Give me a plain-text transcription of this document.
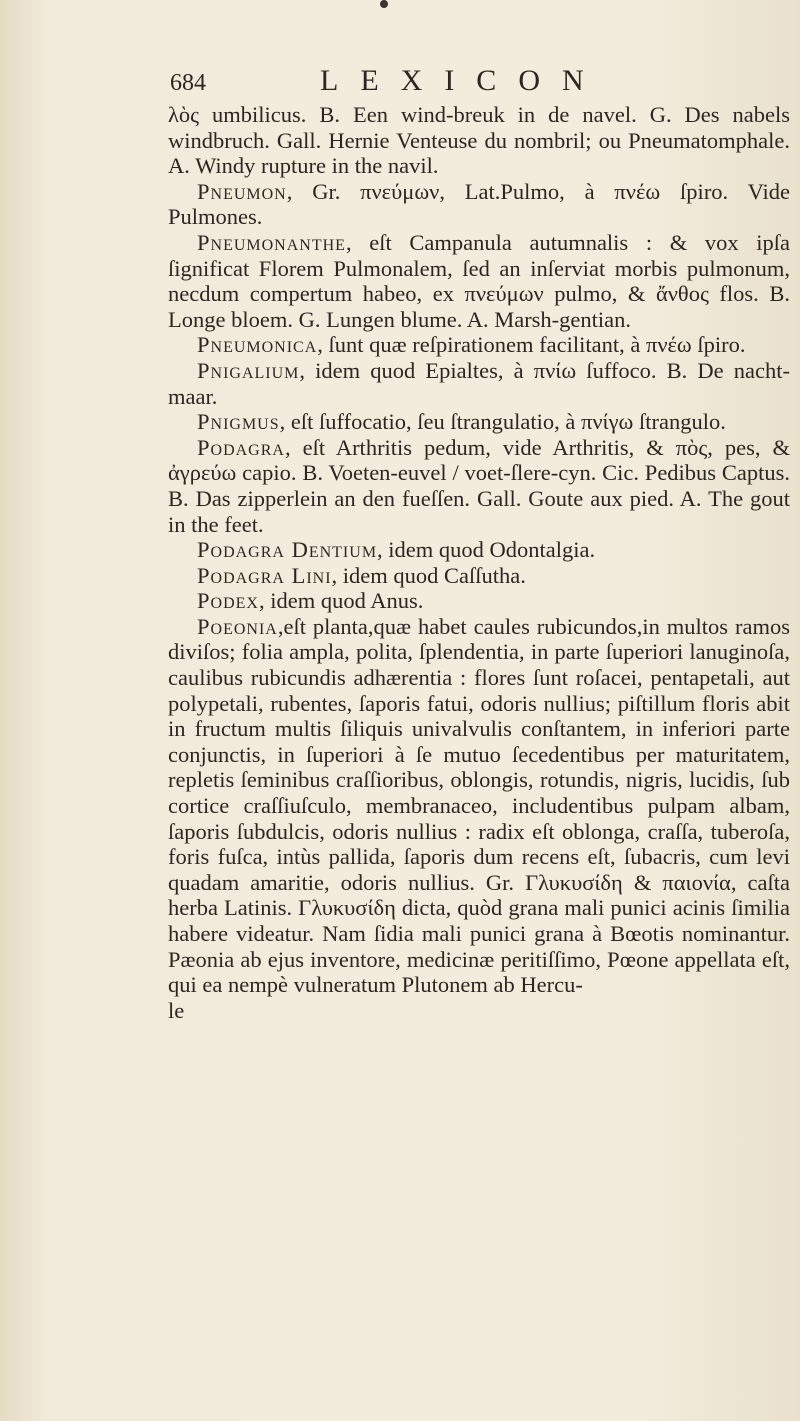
684	LEXICON

λὸς umbilicus. B. Een wind-breuk in de navel. G. Des nabels windbruch. Gall. Hernie Venteuse du nombril; ou Pneumatomphale. A. Windy rupture in the navil.

Pneumon, Gr. πνεύμων, Lat.Pulmo, à πνέω ſpiro. Vide Pulmones.

Pneumonanthe, eſt Campanula autumnalis : & vox ipſa ſignificat Florem Pulmonalem, ſed an inſerviat morbis pulmonum, necdum compertum habeo, ex πνεύμων pulmo, & ἄνθος flos. B. Longe bloem. G. Lungen blume. A. Marsh-gentian.

Pneumonica, ſunt quæ reſpirationem facilitant, à πνέω ſpiro.

Pnigalium, idem quod Epialtes, à πνίω ſuffoco. B. De nacht-maar.

Pnigmus, eſt ſuffocatio, ſeu ſtrangulatio, à πνίγω ſtrangulo.

Podagra, eſt Arthritis pedum, vide Arthritis, & πὸς, pes, & ἀγρεύω capio. B. Voeten-euvel / voet-ſlere-cyn. Cic. Pedibus Captus. B. Das zipperlein an den fueſſen. Gall. Goute aux pied. A. The gout in the feet.

Podagra Dentium, idem quod Odontalgia.

Podagra Lini, idem quod Caſſutha.

Podex, idem quod Anus.

Poeonia,eſt planta,quæ habet caules rubicundos,in multos ramos diviſos; folia ampla, polita, ſplendentia, in parte ſuperiori lanuginoſa, caulibus rubicundis adhærentia : flores ſunt roſacei, pentapetali, aut polypetali, rubentes, ſaporis fatui, odoris nullius; piſtillum floris abit in fructum multis ſiliquis univalvulis conſtantem, in inferiori parte conjunctis, in ſuperiori à ſe mutuo ſecedentibus per maturitatem, repletis ſeminibus craſſioribus, oblongis, rotundis, nigris, lucidis, ſub cortice craſſiuſculo, membranaceo, includentibus pulpam albam, ſaporis ſubdulcis, odoris nullius : radix eſt oblonga, craſſa, tuberoſa, foris fuſca, intùs pallida, ſaporis dum recens eſt, ſubacris, cum levi quadam amaritie, odoris nullius. Gr. Γλυκυσίδη & παιονία, caſta herba Latinis. Γλυκυσίδη dicta, quòd grana mali punici acinis ſimilia habere videatur. Nam ſidia mali punici grana à Bœotis nominantur. Pæonia ab ejus inventore, medicinæ peritiſſimo, Pœone appellata eſt, qui ea nempè vulneratum Plutonem ab Hercu-

le
